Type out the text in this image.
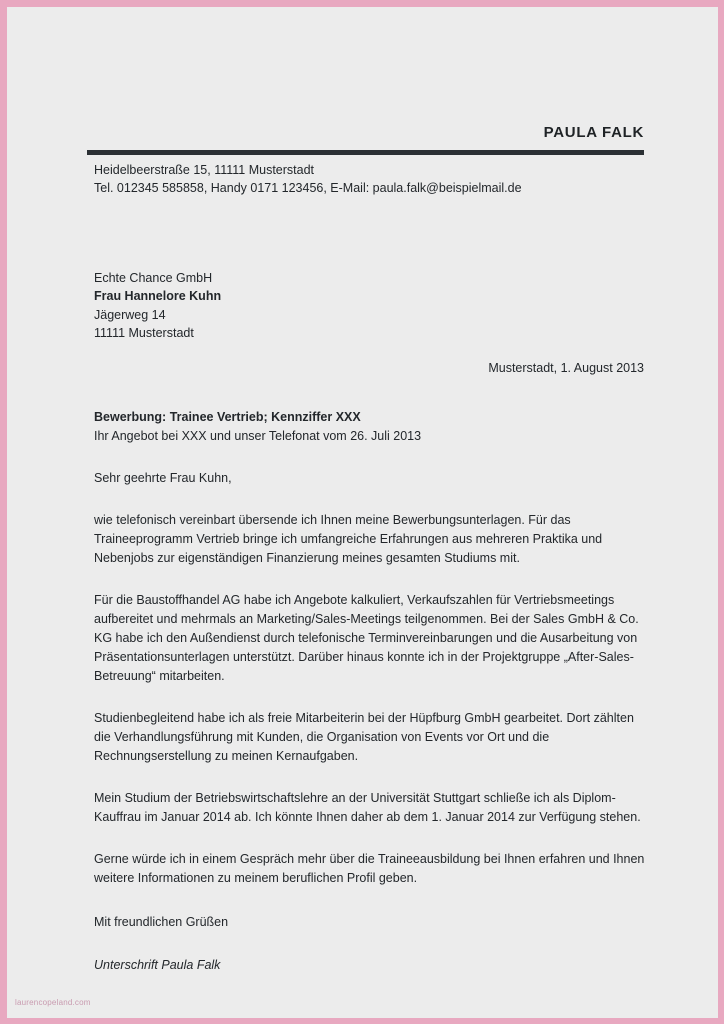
PAULA FALK
Heidelbeerstraße 15, 11111 Musterstadt
Tel. 012345 585858, Handy 0171 123456, E-Mail: paula.falk@beispielmail.de
Echte Chance GmbH
Frau Hannelore Kuhn
Jägerweg 14
11111 Musterstadt
Musterstadt, 1. August 2013
Bewerbung: Trainee Vertrieb; Kennziffer XXX
Ihr Angebot bei XXX und unser Telefonat vom 26. Juli 2013
Sehr geehrte Frau Kuhn,
wie telefonisch vereinbart übersende ich Ihnen meine Bewerbungsunterlagen. Für das Traineeprogramm Vertrieb bringe ich umfangreiche Erfahrungen aus mehreren Praktika und Nebenjobs zur eigenständigen Finanzierung meines gesamten Studiums mit.
Für die Baustoffhandel AG habe ich Angebote kalkuliert, Verkaufszahlen für Vertriebsmeetings aufbereitet und mehrmals an Marketing/Sales-Meetings teilgenommen. Bei der Sales GmbH & Co. KG habe ich den Außendienst durch telefonische Terminvereinbarungen und die Ausarbeitung von Präsentationsunterlagen unterstützt. Darüber hinaus konnte ich in der Projektgruppe „After-Sales-Betreuung“ mitarbeiten.
Studienbegleitend habe ich als freie Mitarbeiterin bei der Hüpfburg GmbH gearbeitet. Dort zählten die Verhandlungsführung mit Kunden, die Organisation von Events vor Ort und die Rechnungserstellung zu meinen Kernaufgaben.
Mein Studium der Betriebswirtschaftslehre an der Universität Stuttgart schließe ich als Diplom-Kauffrau im Januar 2014 ab. Ich könnte Ihnen daher ab dem 1. Januar 2014 zur Verfügung stehen.
Gerne würde ich in einem Gespräch mehr über die Traineeausbildung bei Ihnen erfahren und Ihnen weitere Informationen zu meinem beruflichen Profil geben.
Mit freundlichen Grüßen
Unterschrift Paula Falk
laurencopeland.com
